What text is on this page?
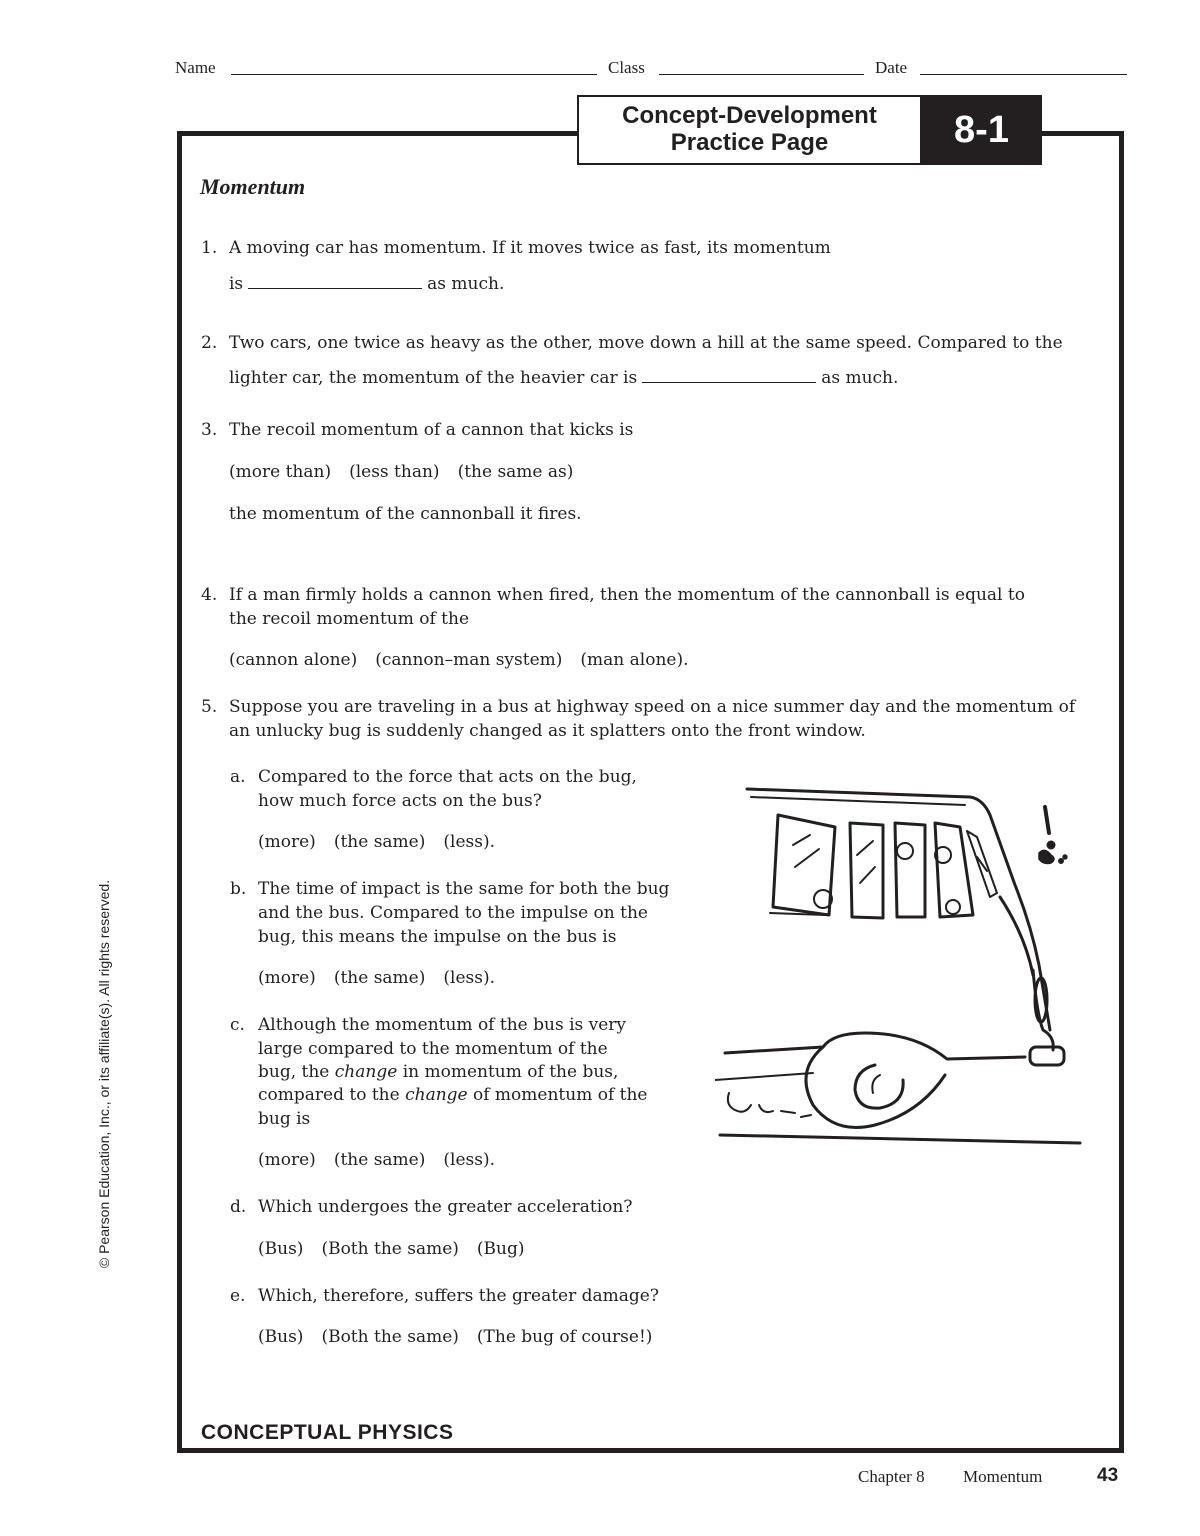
Name	Class	Date
Concept-Development
Practice Page	8-1
Momentum
1. A moving car has momentum. If it moves twice as fast, its momentum
is	as much.
2. Two cars, one twice as heavy as the other, move down a hill at the same speed. Compared to the
lighter car, the momentum of the heavier car is	as much.
3. The recoil momentum of a cannon that kicks is
(more than) (less than) (the same as)
the momentum of the cannonball it fires.
4. If a man firmly holds a cannon when fired, then the momentum of the cannonball is equal to
the recoil momentum of the
(cannon alone) (cannon–man system) (man alone).
5. Suppose you are traveling in a bus at highway speed on a nice summer day and the momentum of
an unlucky bug is suddenly changed as it splatters onto the front window.
a. Compared to the force that acts on the bug,
how much force acts on the bus?
(more) (the same) (less).
b. The time of impact is the same for both the bug
and the bus. Compared to the impulse on the
bug, this means the impulse on the bus is
(more) (the same) (less).
c. Although the momentum of the bus is very
large compared to the momentum of the
bug, the change in momentum of the bus,
compared to the change of momentum of the
bug is
(more) (the same) (less).
d. Which undergoes the greater acceleration?
(Bus) (Both the same) (Bug)
e. Which, therefore, suffers the greater damage?
(Bus) (Both the same) (The bug of course!)
CONCEPTUAL PHYSICS
© Pearson Education, Inc., or its affiliate(s). All rights reserved.
Chapter 8 Momentum	43
